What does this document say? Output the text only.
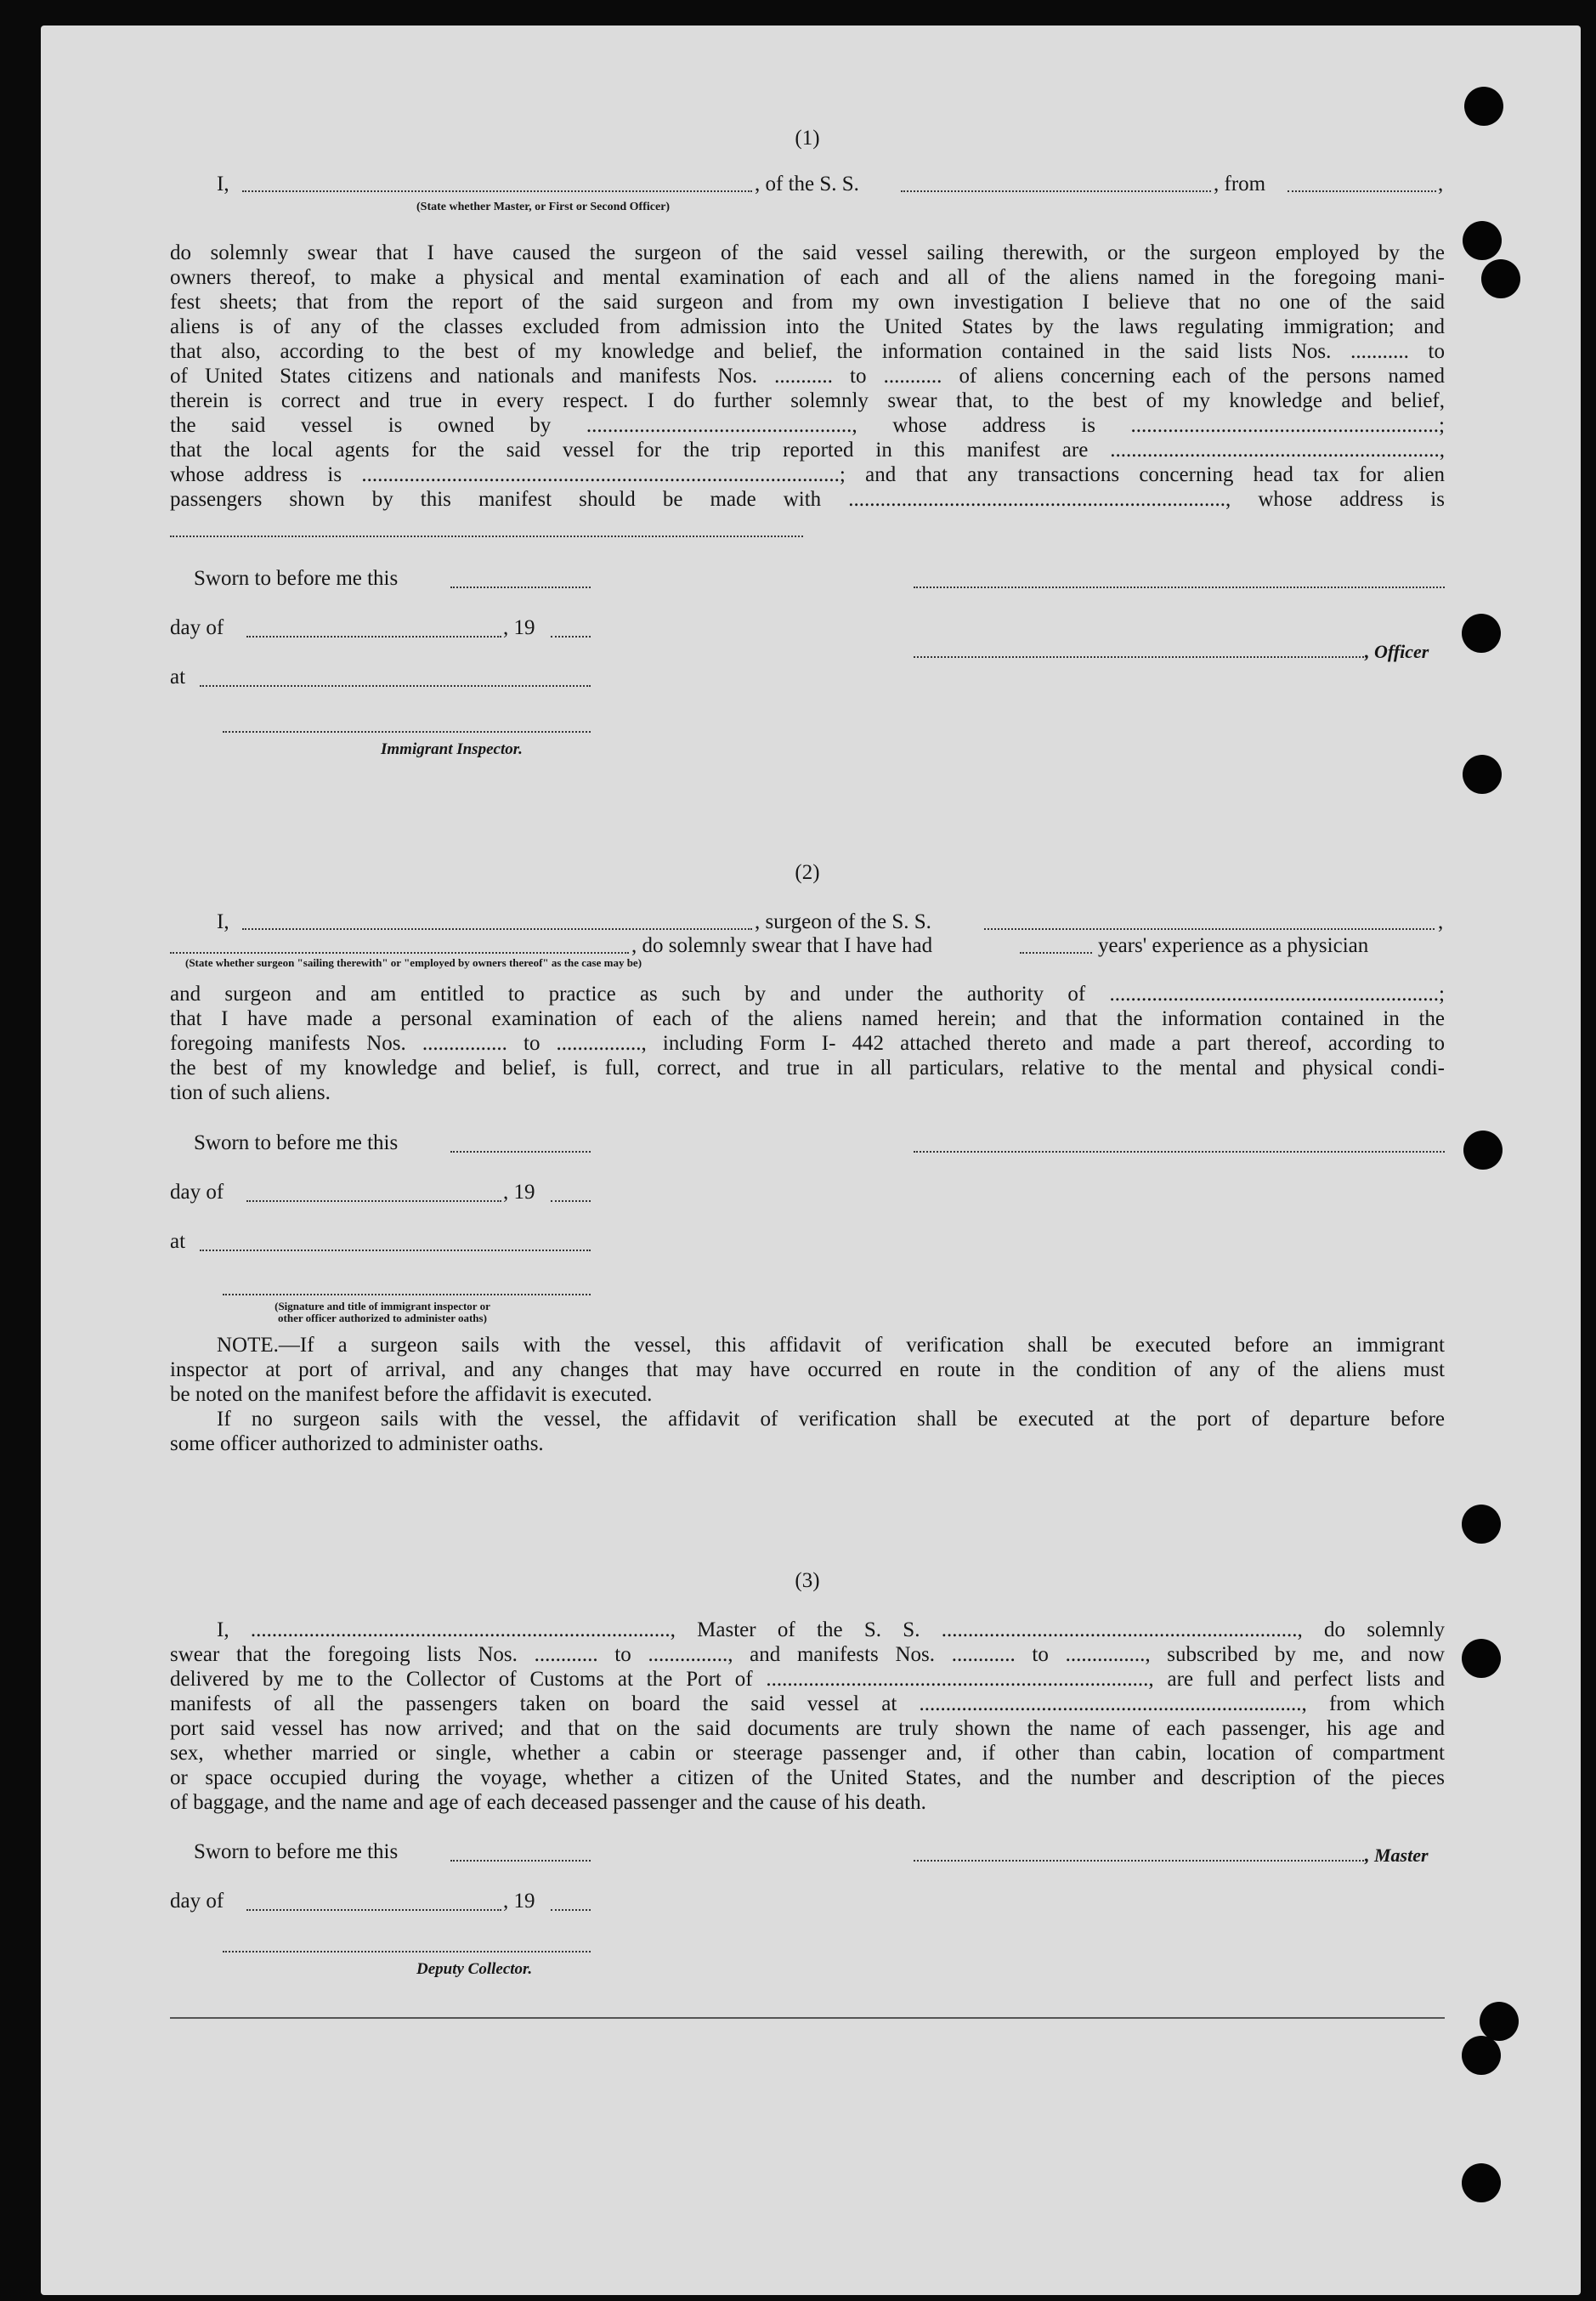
(1)
I,	, of the S. S.	, from	,
(State whether Master, or First or Second Officer)
do solemnly swear that I have caused the surgeon of the said vessel sailing therewith, or the surgeon employed by the
owners thereof, to make a physical and mental examination of each and all of the aliens named in the foregoing mani-
fest sheets; that from the report of the said surgeon and from my own investigation I believe that no one of the said
aliens is of any of the classes excluded from admission into the United States by the laws regulating immigration; and
that also, according to the best of my knowledge and belief, the information contained in the said lists Nos. ........... to
of United States citizens and nationals and manifests Nos. ........... to ........... of aliens concerning each of the persons named
therein is correct and true in every respect. I do further solemnly swear that, to the best of my knowledge and belief,
the said vessel is owned by .................................................., whose address is ..........................................................;
that the local agents for the said vessel for the trip reported in this manifest are ..............................................................,
whose address is ..........................................................................................; and that any transactions concerning head tax for alien
passengers shown by this manifest should be made with ......................................................................., whose address is
Sworn to before me this
day of	, 19
, Officer
at
Immigrant Inspector.
(2)
I,	, surgeon of the S. S.	,
, do solemnly swear that I have had	years' experience as a physician
(State whether surgeon "sailing therewith" or "employed by owners thereof" as the case may be)
and surgeon and am entitled to practice as such by and under the authority of ..............................................................;
that I have made a personal examination of each of the aliens named herein; and that the information contained in the
foregoing manifests Nos. ................ to ................, including Form I- 442 attached thereto and made a part thereof, according to
the best of my knowledge and belief, is full, correct, and true in all particulars, relative to the mental and physical condi-
tion of such aliens.
Sworn to before me this
day of	, 19
at
(Signature and title of immigrant inspector or
other officer authorized to administer oaths)
NOTE.—If a surgeon sails with the vessel, this affidavit of verification shall be executed before an immigrant
inspector at port of arrival, and any changes that may have occurred en route in the condition of any of the aliens must
be noted on the manifest before the affidavit is executed.
If no surgeon sails with the vessel, the affidavit of verification shall be executed at the port of departure before
some officer authorized to administer oaths.
(3)
I, ..............................................................................., Master of the S. S. ..................................................................., do solemnly
swear that the foregoing lists Nos. ............ to ..............., and manifests Nos. ............ to ..............., subscribed by me, and now
delivered by me to the Collector of Customs at the Port of ........................................................................, are full and perfect lists and
manifests of all the passengers taken on board the said vessel at ........................................................................, from which
port said vessel has now arrived; and that on the said documents are truly shown the name of each passenger, his age and
sex, whether married or single, whether a cabin or steerage passenger and, if other than cabin, location of compartment
or space occupied during the voyage, whether a citizen of the United States, and the number and description of the pieces
of baggage, and the name and age of each deceased passenger and the cause of his death.
Sworn to before me this	, Master
day of	, 19
Deputy Collector.
